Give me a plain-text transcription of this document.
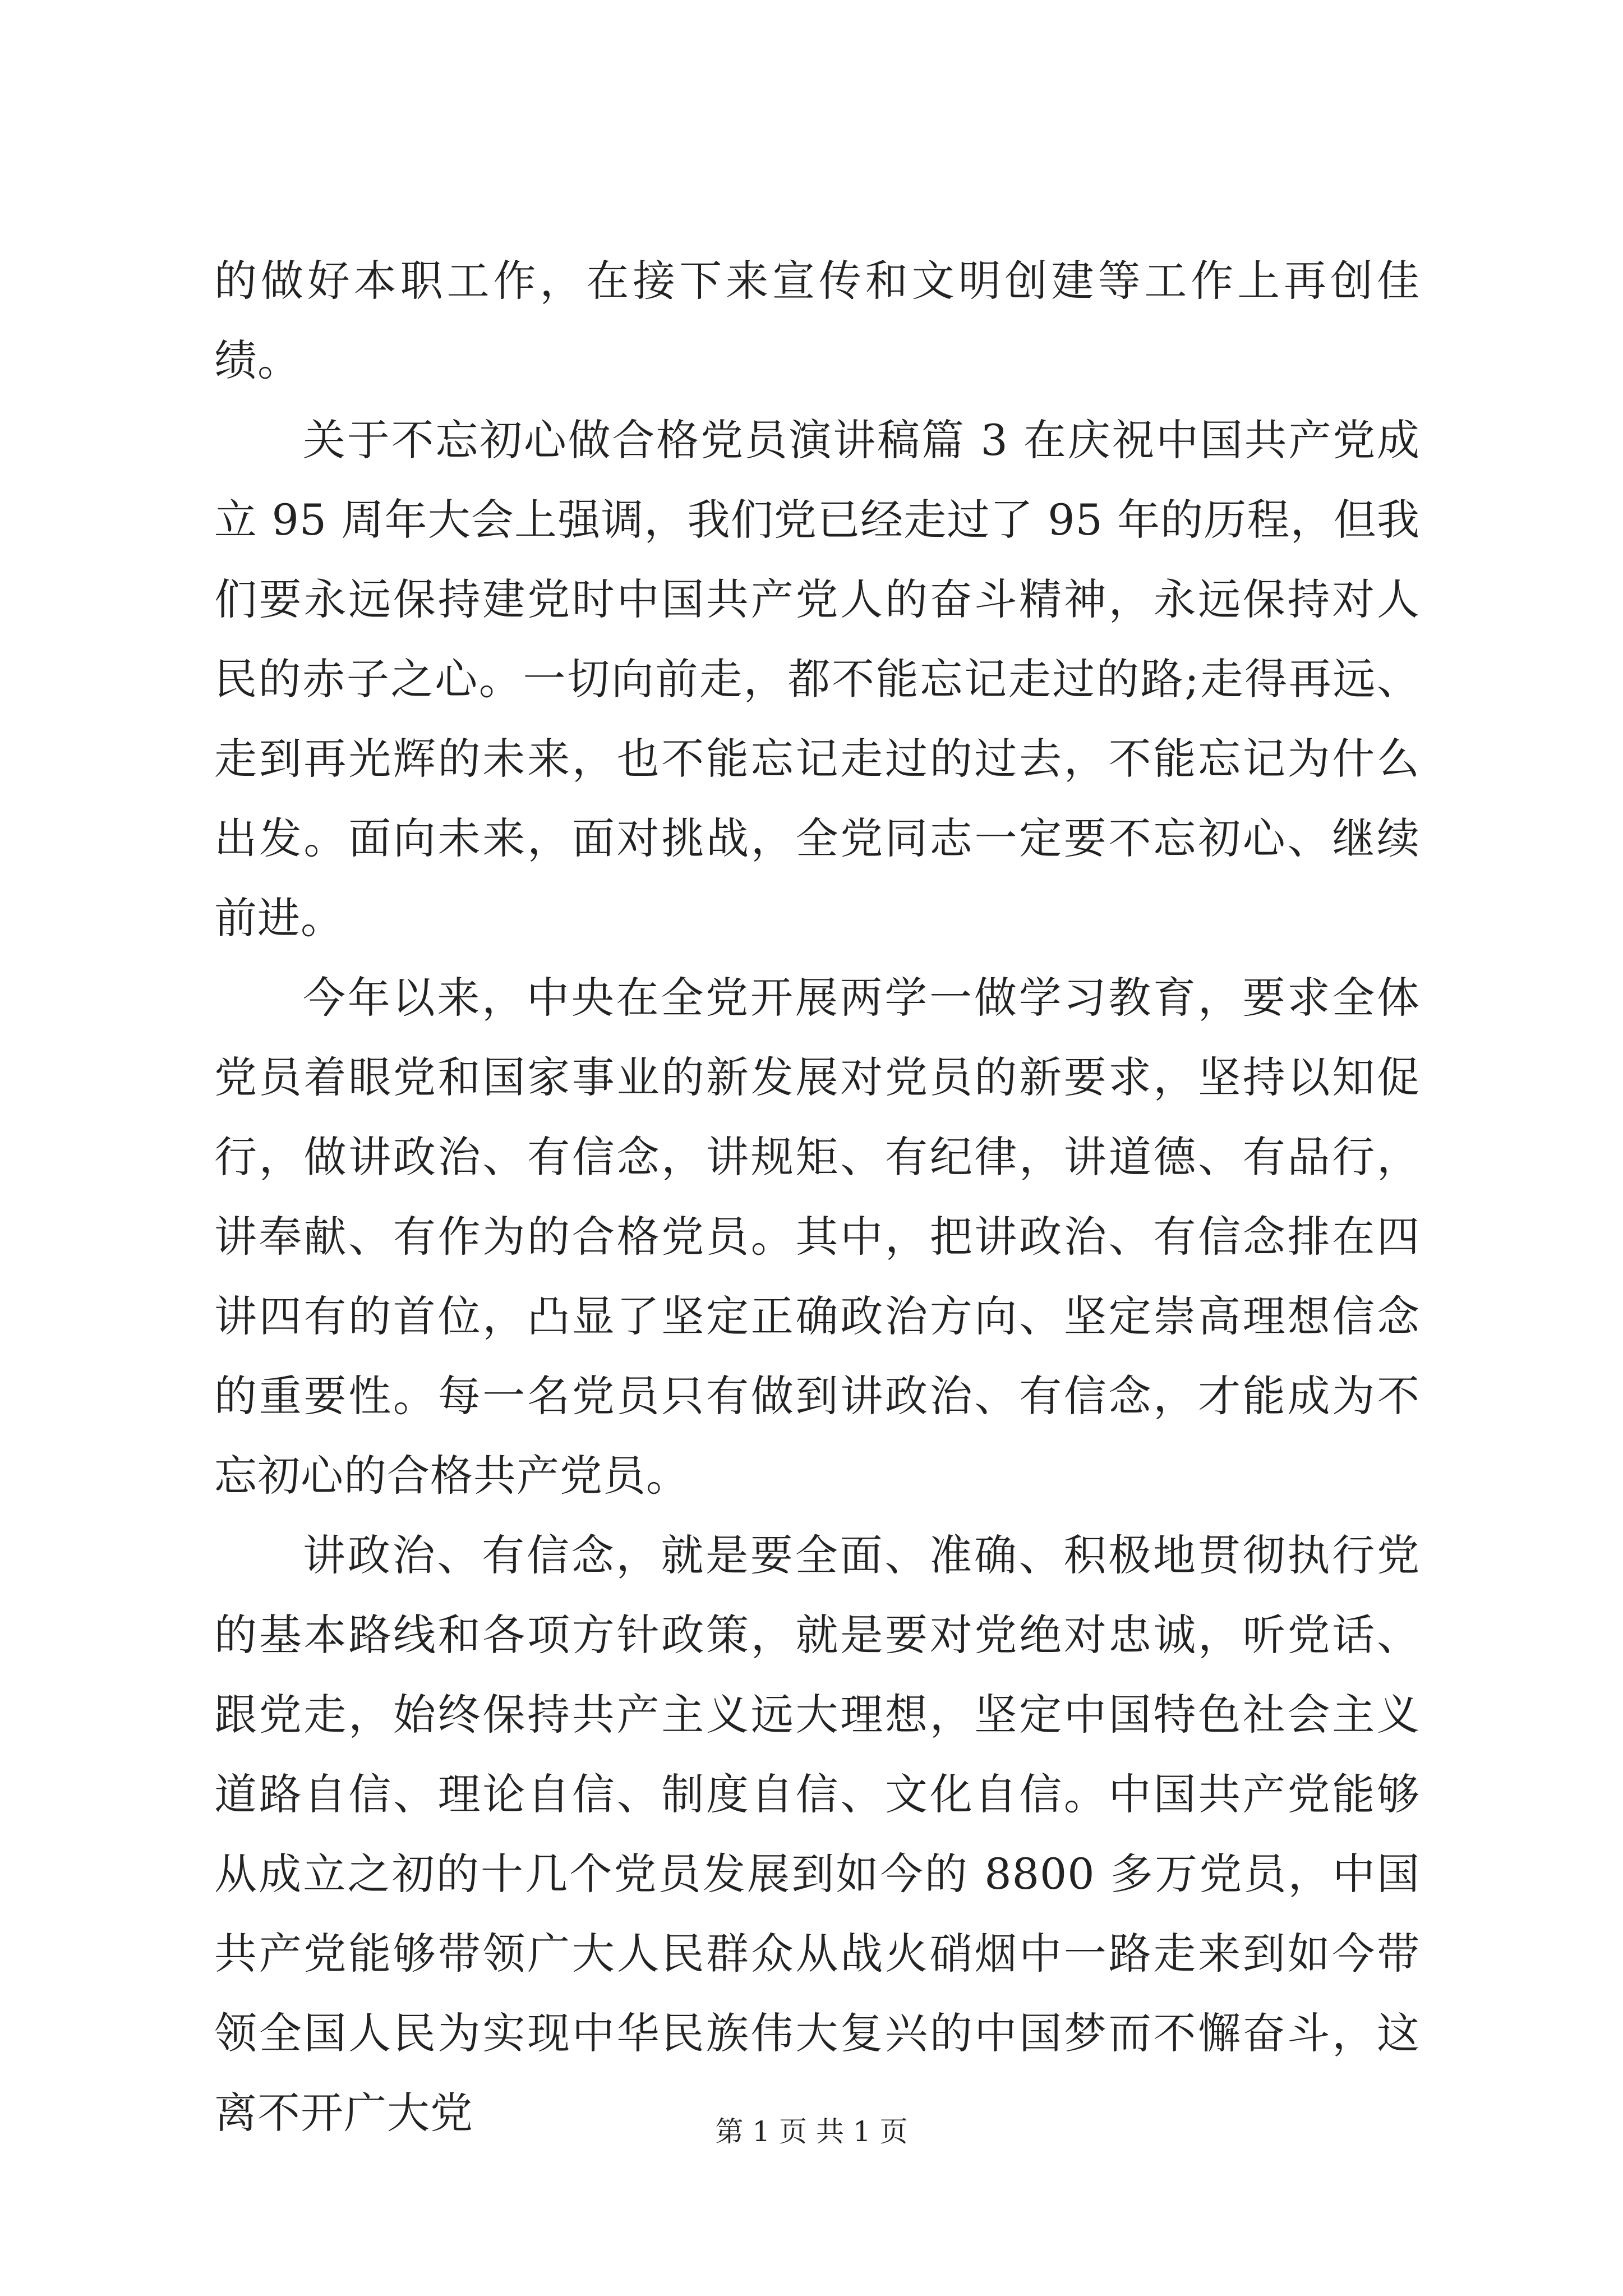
的做好本职工作，在接下来宣传和文明创建等工作上再创佳绩。

关于不忘初心做合格党员演讲稿篇 3 在庆祝中国共产党成立 95 周年大会上强调，我们党已经走过了 95 年的历程，但我们要永远保持建党时中国共产党人的奋斗精神，永远保持对人民的赤子之心。一切向前走，都不能忘记走过的路;走得再远、走到再光辉的未来，也不能忘记走过的过去，不能忘记为什么出发。面向未来，面对挑战，全党同志一定要不忘初心、继续前进。

今年以来，中央在全党开展两学一做学习教育，要求全体党员着眼党和国家事业的新发展对党员的新要求，坚持以知促行，做讲政治、有信念，讲规矩、有纪律，讲道德、有品行，讲奉献、有作为的合格党员。其中，把讲政治、有信念排在四讲四有的首位，凸显了坚定正确政治方向、坚定崇高理想信念的重要性。每一名党员只有做到讲政治、有信念，才能成为不忘初心的合格共产党员。

讲政治、有信念，就是要全面、准确、积极地贯彻执行党的基本路线和各项方针政策，就是要对党绝对忠诚，听党话、跟党走，始终保持共产主义远大理想，坚定中国特色社会主义道路自信、理论自信、制度自信、文化自信。中国共产党能够从成立之初的十几个党员发展到如今的 8800 多万党员，中国共产党能够带领广大人民群众从战火硝烟中一路走来到如今带领全国人民为实现中华民族伟大复兴的中国梦而不懈奋斗，这离不开广大党	第 1 页 共 1 页
